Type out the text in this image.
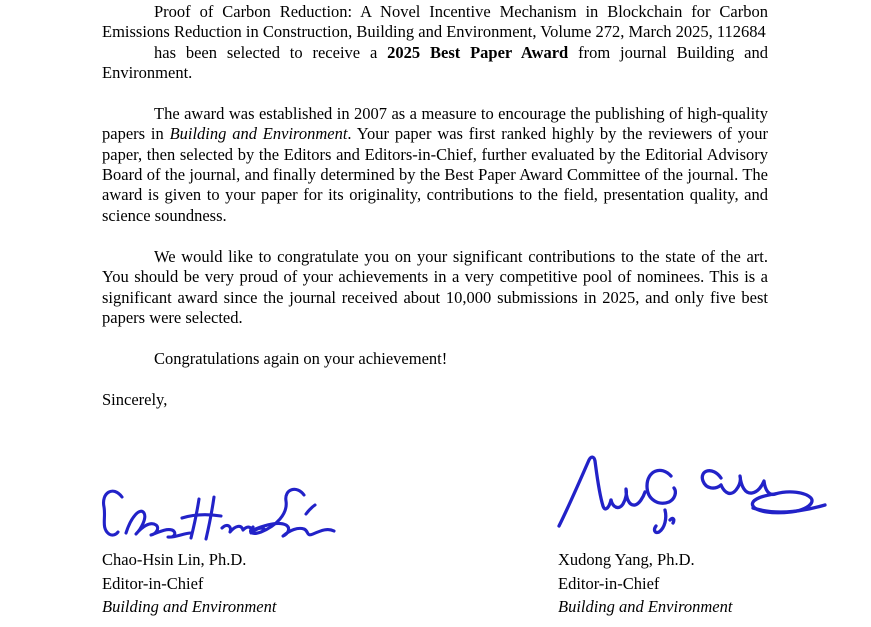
Proof of Carbon Reduction: A Novel Incentive Mechanism in Blockchain for Carbon Emissions Reduction in Construction, Building and Environment, Volume 272, March 2025, 112684

has been selected to receive a 2025 Best Paper Award from journal Building and Environment.

The award was established in 2007 as a measure to encourage the publishing of high-quality papers in Building and Environment. Your paper was first ranked highly by the reviewers of your paper, then selected by the Editors and Editors-in-Chief, further evaluated by the Editorial Advisory Board of the journal, and finally determined by the Best Paper Award Committee of the journal. The award is given to your paper for its originality, contributions to the field, presentation quality, and science soundness.

We would like to congratulate you on your significant contributions to the state of the art. You should be very proud of your achievements in a very competitive pool of nominees. This is a significant award since the journal received about 10,000 submissions in 2025, and only five best papers were selected.

Congratulations again on your achievement!

Sincerely,

Chao-Hsin Lin, Ph.D.
Editor-in-Chief
Building and Environment
Xudong Yang, Ph.D.
Editor-in-Chief
Building and Environment
